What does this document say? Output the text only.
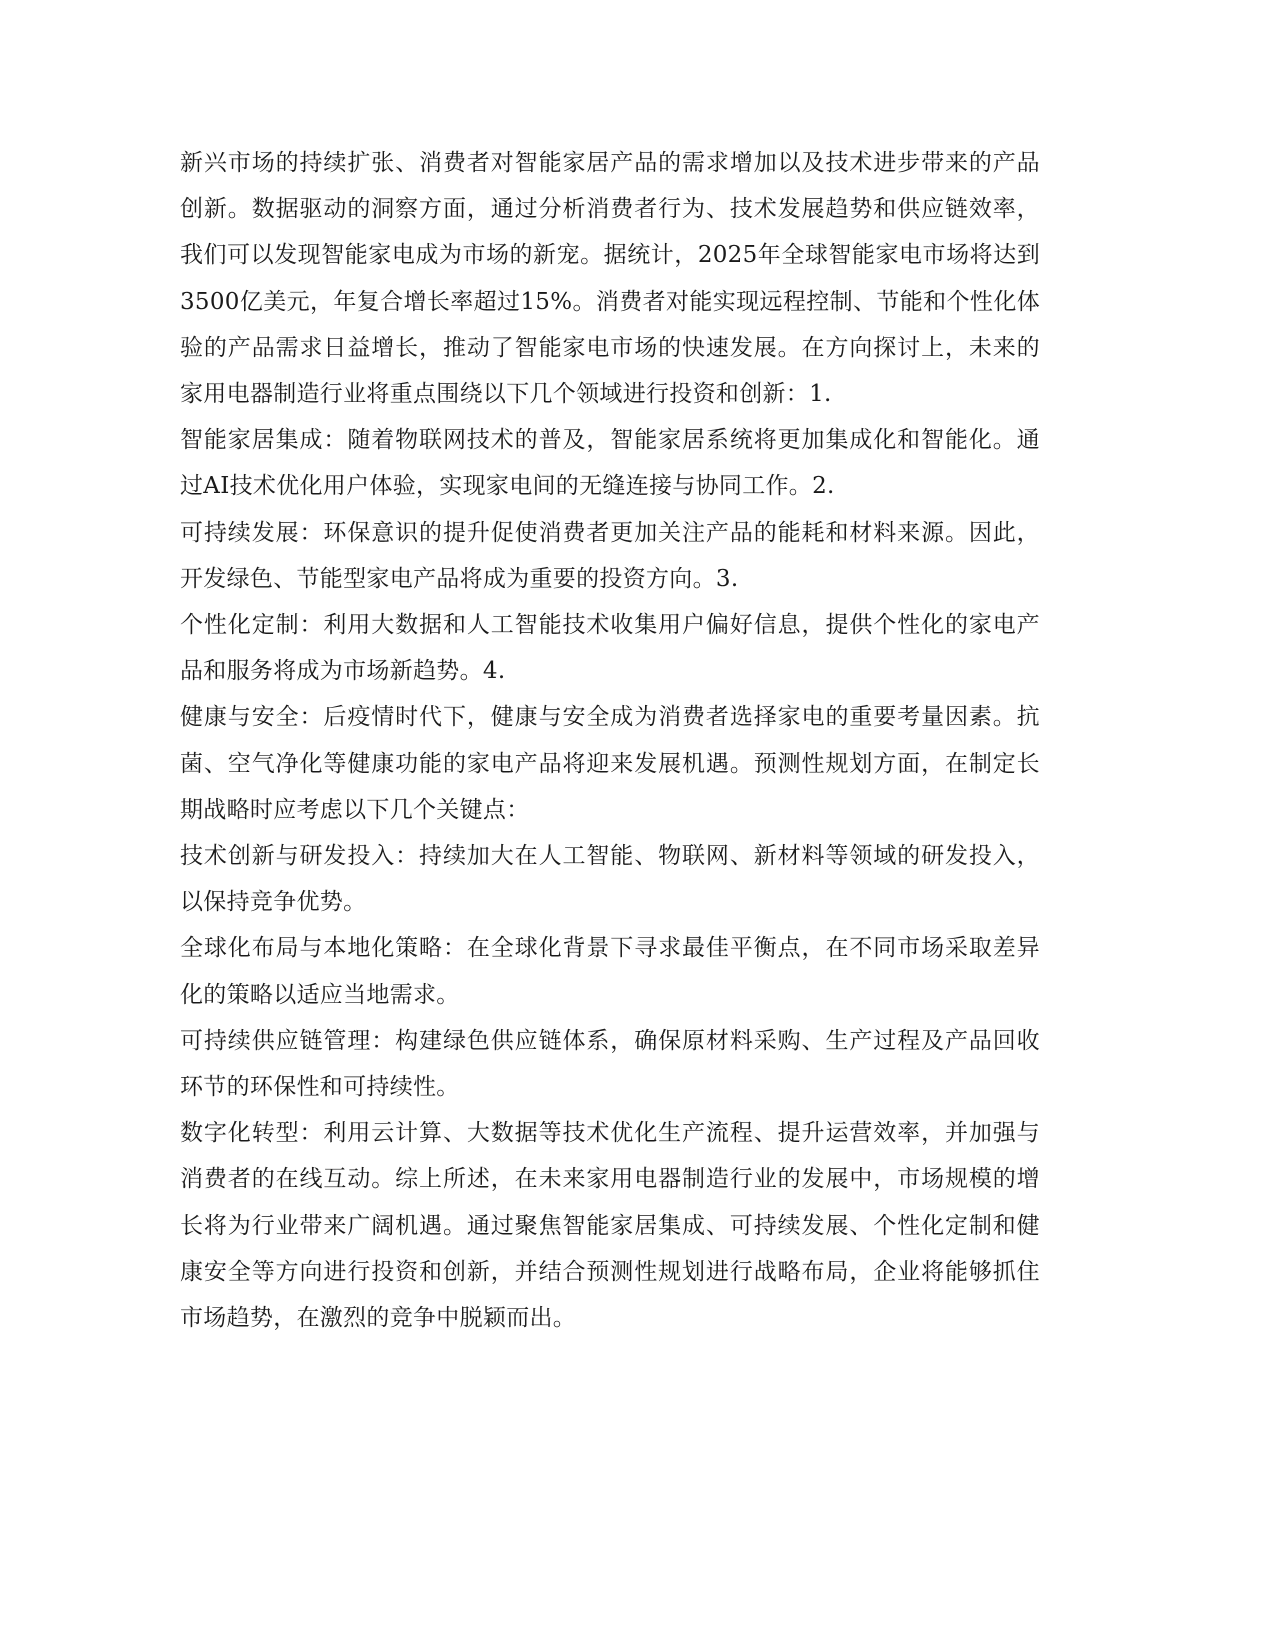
新兴市场的持续扩张、消费者对智能家居产品的需求增加以及技术进步带来的产品创新。数据驱动的洞察方面，通过分析消费者行为、技术发展趋势和供应链效率，我们可以发现智能家电成为市场的新宠。据统计，2025年全球智能家电市场将达到3500亿美元，年复合增长率超过15%。消费者对能实现远程控制、节能和个性化体验的产品需求日益增长，推动了智能家电市场的快速发展。在方向探讨上，未来的家用电器制造行业将重点围绕以下几个领域进行投资和创新：1.

智能家居集成：随着物联网技术的普及，智能家居系统将更加集成化和智能化。通过AI技术优化用户体验，实现家电间的无缝连接与协同工作。2.

可持续发展：环保意识的提升促使消费者更加关注产品的能耗和材料来源。因此，开发绿色、节能型家电产品将成为重要的投资方向。3.

个性化定制：利用大数据和人工智能技术收集用户偏好信息，提供个性化的家电产品和服务将成为市场新趋势。4.

健康与安全：后疫情时代下，健康与安全成为消费者选择家电的重要考量因素。抗菌、空气净化等健康功能的家电产品将迎来发展机遇。预测性规划方面，在制定长期战略时应考虑以下几个关键点：

技术创新与研发投入：持续加大在人工智能、物联网、新材料等领域的研发投入，以保持竞争优势。

全球化布局与本地化策略：在全球化背景下寻求最佳平衡点，在不同市场采取差异化的策略以适应当地需求。

可持续供应链管理：构建绿色供应链体系，确保原材料采购、生产过程及产品回收环节的环保性和可持续性。

数字化转型：利用云计算、大数据等技术优化生产流程、提升运营效率，并加强与消费者的在线互动。综上所述，在未来家用电器制造行业的发展中，市场规模的增长将为行业带来广阔机遇。通过聚焦智能家居集成、可持续发展、个性化定制和健康安全等方向进行投资和创新，并结合预测性规划进行战略布局，企业将能够抓住市场趋势，在激烈的竞争中脱颖而出。
